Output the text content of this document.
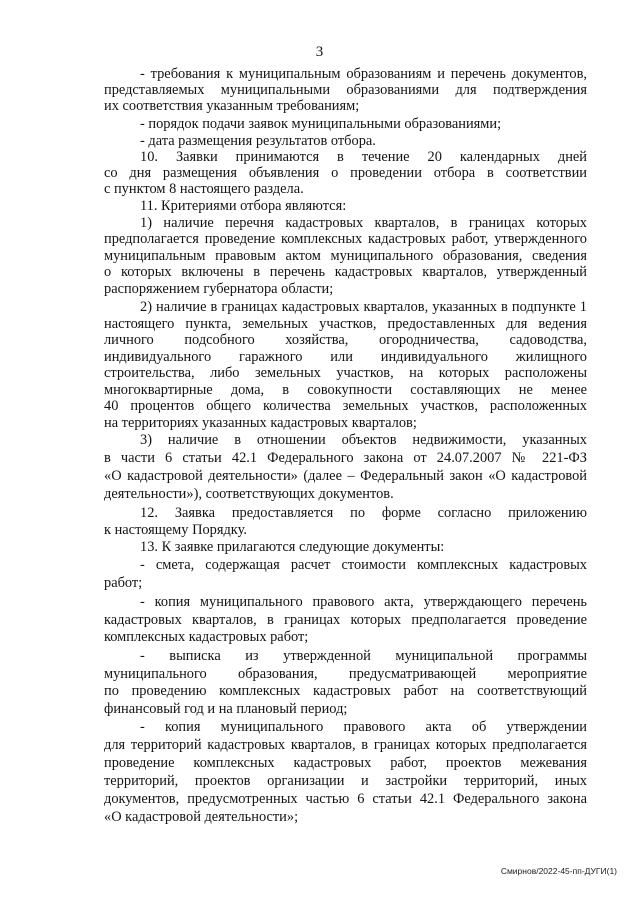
3
- требования к муниципальным образованиям и перечень документов,
представляемых муниципальными образованиями для подтверждения
их соответствия указанным требованиям;
- порядок подачи заявок муниципальными образованиями;
- дата размещения результатов отбора.
10. Заявки принимаются в течение 20 календарных дней
со дня размещения объявления о проведении отбора в соответствии
с пунктом 8 настоящего раздела.
11. Критериями отбора являются:
1) наличие перечня кадастровых кварталов, в границах которых
предполагается проведение комплексных кадастровых работ, утвержденного
муниципальным правовым актом муниципального образования, сведения
о которых включены в перечень кадастровых кварталов, утвержденный
распоряжением губернатора области;
2) наличие в границах кадастровых кварталов, указанных в подпункте 1
настоящего пункта, земельных участков, предоставленных для ведения
личного подсобного хозяйства, огородничества, садоводства,
индивидуального гаражного или индивидуального жилищного
строительства, либо земельных участков, на которых расположены
многоквартирные дома, в совокупности составляющих не менее
40 процентов общего количества земельных участков, расположенных
на территориях указанных кадастровых кварталов;
3) наличие в отношении объектов недвижимости, указанных
в части 6 статьи 42.1 Федерального закона от 24.07.2007 № 221-ФЗ
«О кадастровой деятельности» (далее – Федеральный закон «О кадастровой
деятельности»), соответствующих документов.
12. Заявка предоставляется по форме согласно приложению
к настоящему Порядку.
13. К заявке прилагаются следующие документы:
- смета, содержащая расчет стоимости комплексных кадастровых
работ;
- копия муниципального правового акта, утверждающего перечень
кадастровых кварталов, в границах которых предполагается проведение
комплексных кадастровых работ;
- выписка из утвержденной муниципальной программы
муниципального образования, предусматривающей мероприятие
по проведению комплексных кадастровых работ на соответствующий
финансовый год и на плановый период;
- копия муниципального правового акта об утверждении
для территорий кадастровых кварталов, в границах которых предполагается
проведение комплексных кадастровых работ, проектов межевания
территорий, проектов организации и застройки территорий, иных
документов, предусмотренных частью 6 статьи 42.1 Федерального закона
«О кадастровой деятельности»;
Смирнов/2022-45-пп-ДУГИ(1)
